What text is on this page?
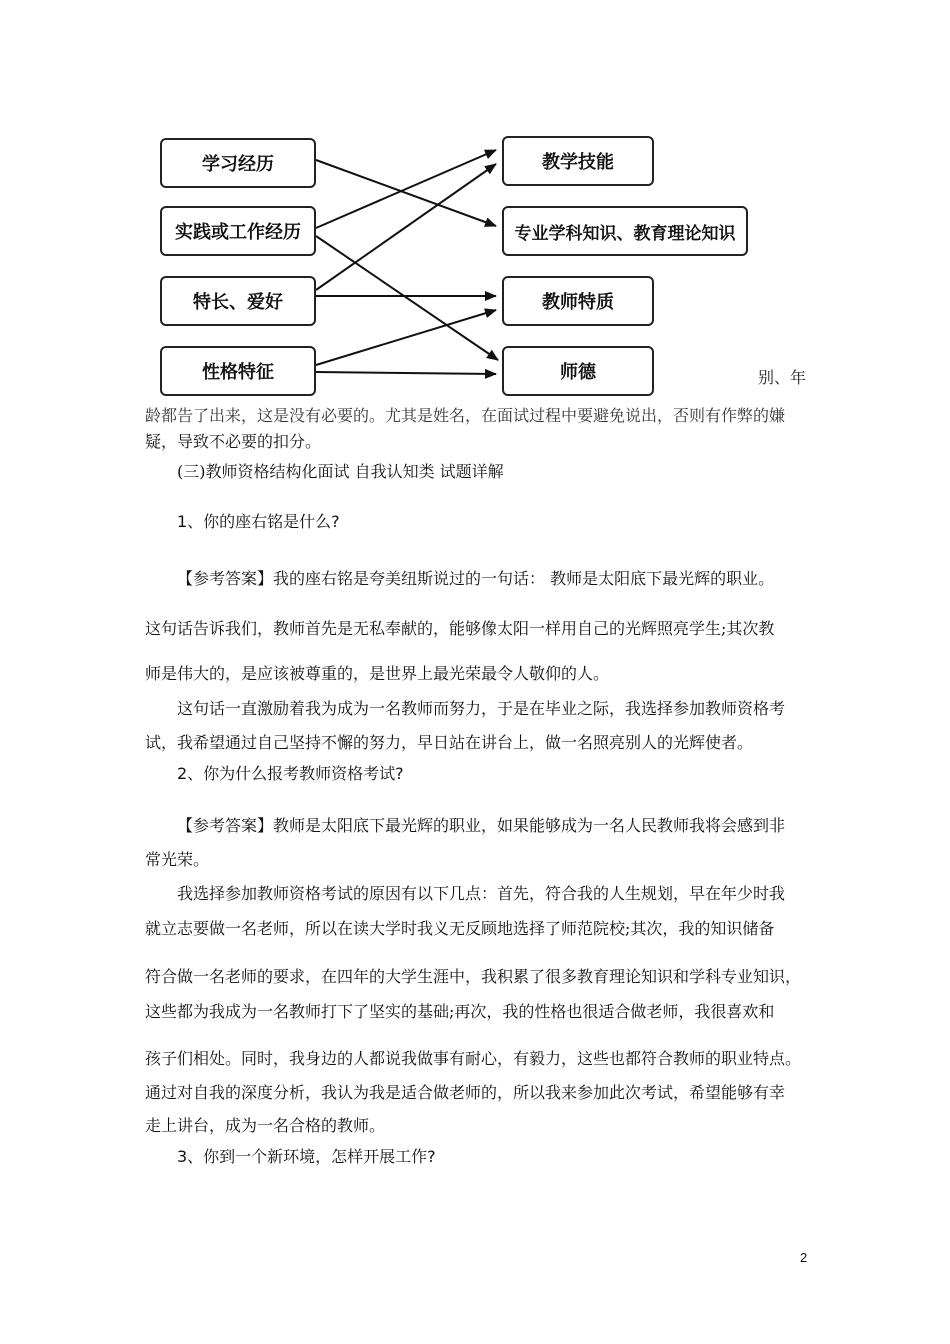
学习经历
实践或工作经历
特长、爱好
性格特征
教学技能
专业学科知识、教育理论知识
教师特质
师德	别、年
龄都告了出来，这是没有必要的。尤其是姓名，在面试过程中要避免说出，否则有作弊的嫌
疑，导致不必要的扣分。
(三)教师资格结构化面试 自我认知类 试题详解
1、你的座右铭是什么?
【参考答案】我的座右铭是夸美纽斯说过的一句话： 教师是太阳底下最光辉的职业。
这句话告诉我们，教师首先是无私奉献的，能够像太阳一样用自己的光辉照亮学生;其次教
师是伟大的，是应该被尊重的，是世界上最光荣最令人敬仰的人。
这句话一直激励着我为成为一名教师而努力，于是在毕业之际，我选择参加教师资格考
试，我希望通过自己坚持不懈的努力，早日站在讲台上，做一名照亮别人的光辉使者。
2、你为什么报考教师资格考试?
【参考答案】教师是太阳底下最光辉的职业，如果能够成为一名人民教师我将会感到非
常光荣。
我选择参加教师资格考试的原因有以下几点：首先，符合我的人生规划，早在年少时我
就立志要做一名老师，所以在读大学时我义无反顾地选择了师范院校;其次，我的知识储备
符合做一名老师的要求，在四年的大学生涯中，我积累了很多教育理论知识和学科专业知识，
这些都为我成为一名教师打下了坚实的基础;再次，我的性格也很适合做老师，我很喜欢和
孩子们相处。同时，我身边的人都说我做事有耐心，有毅力，这些也都符合教师的职业特点。
通过对自我的深度分析，我认为我是适合做老师的，所以我来参加此次考试，希望能够有幸
走上讲台，成为一名合格的教师。
3、你到一个新环境，怎样开展工作?
2
